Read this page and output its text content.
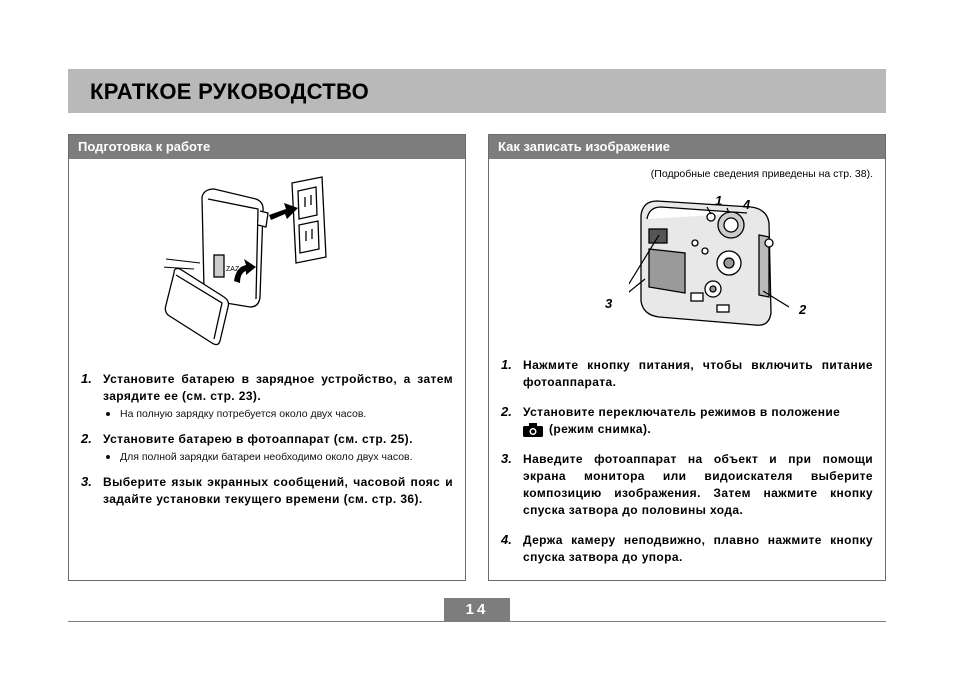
КРАТКОЕ РУКОВОДСТВО
Подготовка к работе
ZAZ
1. Установите батарею в зарядное устройство, а затем зарядите ее (см. стр. 23).
На полную зарядку потребуется около двух часов.
2. Установите батарею в фотоаппарат (см. стр. 25).
Для полной зарядки батареи необходимо около двух часов.
3. Выберите язык экранных сообщений, часовой пояс и задайте установки текущего времени (см. стр. 36).
Как записать изображение
(Подробные сведения приведены на стр. 38).
1 4
3	2
1. Нажмите кнопку питания, чтобы включить питание фотоаппарата.
2. Установите переключатель режимов в положение
(режим снимка).
3. Наведите фотоаппарат на объект и при помощи экрана монитора или видоискателя выберите композицию изображения. Затем нажмите кнопку спуска затвора до половины хода.
4. Держа камеру неподвижно, плавно нажмите кнопку спуска затвора до упора.
14
